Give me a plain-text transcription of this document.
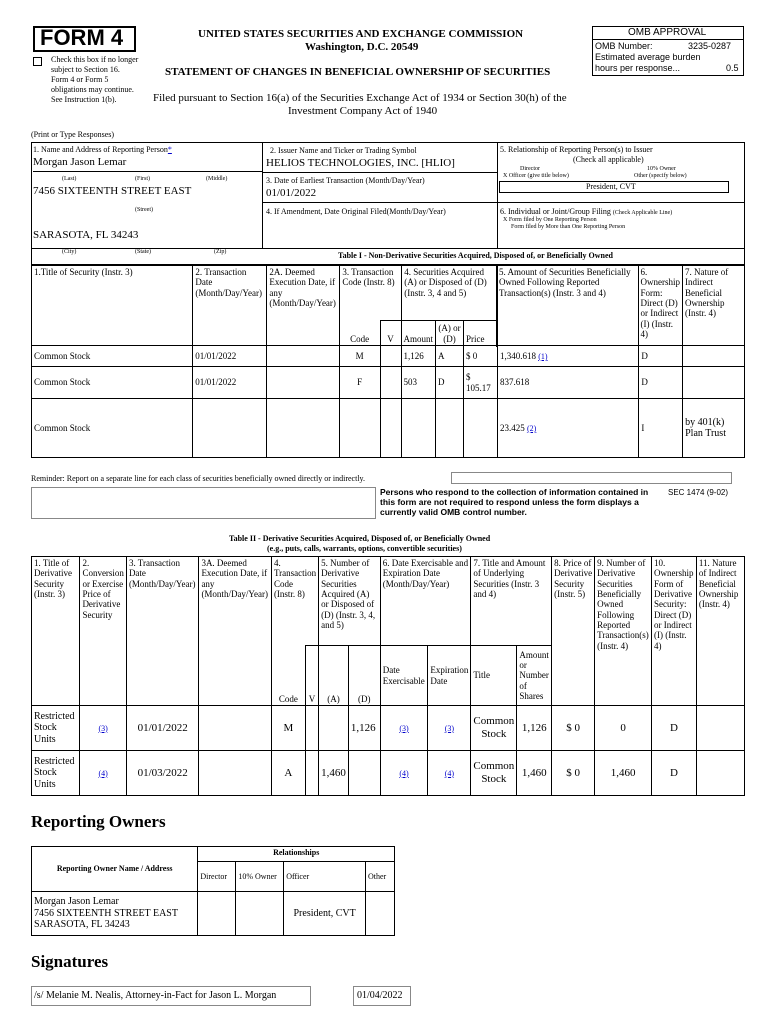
FORM 4
Check this box if no longer subject to Section 16. Form 4 or Form 5 obligations may continue. See Instruction 1(b).
UNITED STATES SECURITIES AND EXCHANGE COMMISSION
Washington, D.C. 20549
STATEMENT OF CHANGES IN BENEFICIAL OWNERSHIP OF SECURITIES
Filed pursuant to Section 16(a) of the Securities Exchange Act of 1934 or Section 30(h) of the
Investment Company Act of 1940
OMB APPROVAL
OMB Number:	3235-0287
Estimated average burden
hours per response...	0.5
(Print or Type Responses)
1. Name and Address of Reporting Person*
Morgan Jason Lemar
(Last)	(First)	(Middle)
7456 SIXTEENTH STREET EAST
(Street)
SARASOTA, FL 34243
(City)	(State)	(Zip)
2. Issuer Name and Ticker or Trading Symbol
HELIOS TECHNOLOGIES, INC. [HLIO]
3. Date of Earliest Transaction (Month/Day/Year)
01/01/2022
4. If Amendment, Date Original Filed(Month/Day/Year)
5. Relationship of Reporting Person(s) to Issuer
(Check all applicable)
Director	10% Owner
X Officer (give title below)	Other (specify below)
President, CVT
6. Individual or Joint/Group Filing (Check Applicable Line)
X Form filed by One Reporting Person
Form filed by More than One Reporting Person
Table I - Non-Derivative Securities Acquired, Disposed of, or Beneficially Owned
1.Title of Security (Instr. 3)	2. Transaction Date (Month/Day/Year)	2A. Deemed Execution Date, if any (Month/Day/Year)	3. Transaction Code (Instr. 8)	4. Securities Acquired (A) or Disposed of (D) (Instr. 3, 4 and 5)	5. Amount of Securities Beneficially Owned Following Reported Transaction(s) (Instr. 3 and 4)	6. Ownership Form: Direct (D) or Indirect (I) (Instr. 4)	7. Nature of Indirect Beneficial Ownership (Instr. 4)

			Code	V	Amount	(A) or (D)	Price			
Common Stock	01/01/2022		M		1,126	A	$ 0	1,340.618 (1)	D	
Common Stock	01/01/2022		F		503	D	$ 105.17	837.618	D	
Common Stock								23.425 (2)	I	by 401(k) Plan Trust
Reminder: Report on a separate line for each class of securities beneficially owned directly or indirectly.
Persons who respond to the collection of information contained in this form are not required to respond unless the form displays a currently valid OMB control number.
SEC 1474 (9-02)
Table II - Derivative Securities Acquired, Disposed of, or Beneficially Owned
(e.g., puts, calls, warrants, options, convertible securities)
1. Title of Derivative Security (Instr. 3)	2. Conversion or Exercise Price of Derivative Security	3. Transaction Date (Month/Day/Year)	3A. Deemed Execution Date, if any (Month/Day/Year)	4. Transaction Code (Instr. 8)		5. Number of Derivative Securities Acquired (A) or Disposed of (D) (Instr. 3, 4, and 5)		6. Date Exercisable and Expiration Date (Month/Day/Year)		7. Title and Amount of Underlying Securities (Instr. 3 and 4)		8. Price of Derivative Security (Instr. 5)	9. Number of Derivative Securities Beneficially Owned Following Reported Transaction(s) (Instr. 4)	10. Ownership Form of Derivative Security: Direct (D) or Indirect (I) (Instr. 4)	11. Nature of Indirect Beneficial Ownership (Instr. 4)
				Code	V	(A)	(D)	Date Exercisable	Expiration Date	Title	Amount or Number of Shares				
Restricted Stock Units	(3)	01/01/2022		M			1,126	(3)	(3)	Common Stock	1,126	$ 0	0	D	
Restricted Stock Units	(4)	01/03/2022		A		1,460		(4)	(4)	Common Stock	1,460	$ 0	1,460	D	
Reporting Owners
Reporting Owner Name / Address	Relationships			
	Director	10% Owner	Officer	Other

Morgan Jason Lemar
7456 SIXTEENTH STREET EAST
SARASOTA, FL 34243			President, CVT	
Signatures
/s/ Melanie M. Nealis, Attorney-in-Fact for Jason L. Morgan	01/04/2022
